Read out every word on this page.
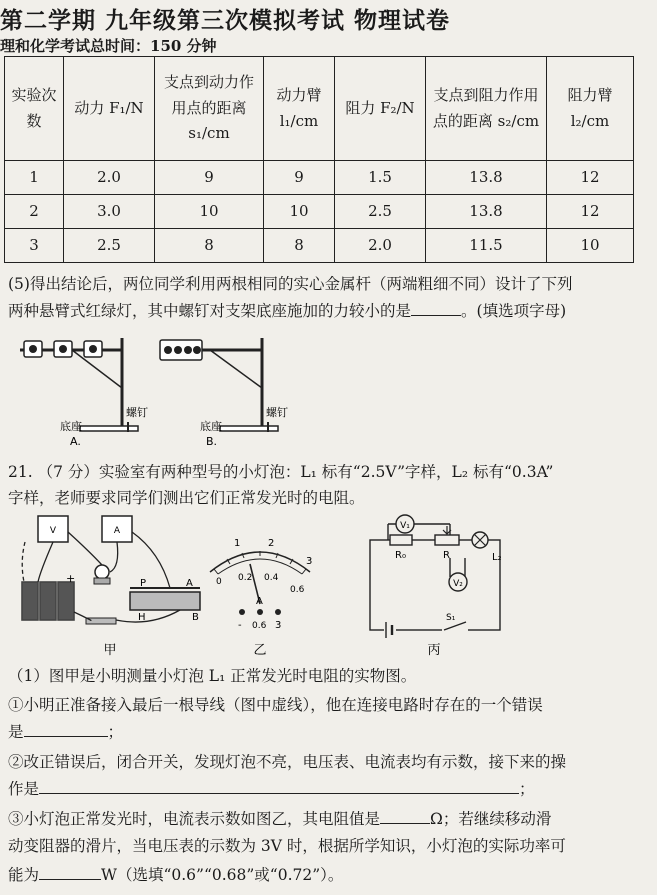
第二学期 九年级第三次模拟考试 物理试卷
理和化学考试总时间：150 分钟
实验次数	动力 F₁/N	支点到动力作用点的距离 s₁/cm	动力臂 l₁/cm	阻力 F₂/N	支点到阻力作用点的距离 s₂/cm	阻力臂 l₂/cm
1	2.0	9	9	1.5	13.8	12
2	3.0	10	10	2.5	13.8	12
3	2.5	8	8	2.0	11.5	10
(5)得出结论后，两位同学利用两根相同的实心金属杆（两端粗细不同）设计了下列
两种悬臂式红绿灯，其中螺钉对支架底座施加的力较小的是	。(填选项字母)
底座
螺钉
A.
底座
螺钉
B.
21. （7 分）实验室有两种型号的小灯泡：L₁ 标有“2.5V”字样，L₂ 标有“0.3A”
字样，老师要求同学们测出它们正常发光时的电阻。
V	A
+	P	A
H	B
甲
1	2
3
0 0.2 0.4
0.6
A
- 0.6 3
乙
V₁
R₀	R	L₂
V₂
S₁
丙
（1）图甲是小明测量小灯泡 L₁ 正常发光时电阻的实物图。
①小明正准备接入最后一根导线（图中虚线），他在连接电路时存在的一个错误
是	；
②改正错误后，闭合开关，发现灯泡不亮，电压表、电流表均有示数，接下来的操
作是	；
③小灯泡正常发光时，电流表示数如图乙，其电阻值是	Ω；若继续移动滑
动变阻器的滑片，当电压表的示数为 3V 时，根据所学知识，小灯泡的实际功率可
能为	W（选填“0.6”“0.68”或“0.72”）。
